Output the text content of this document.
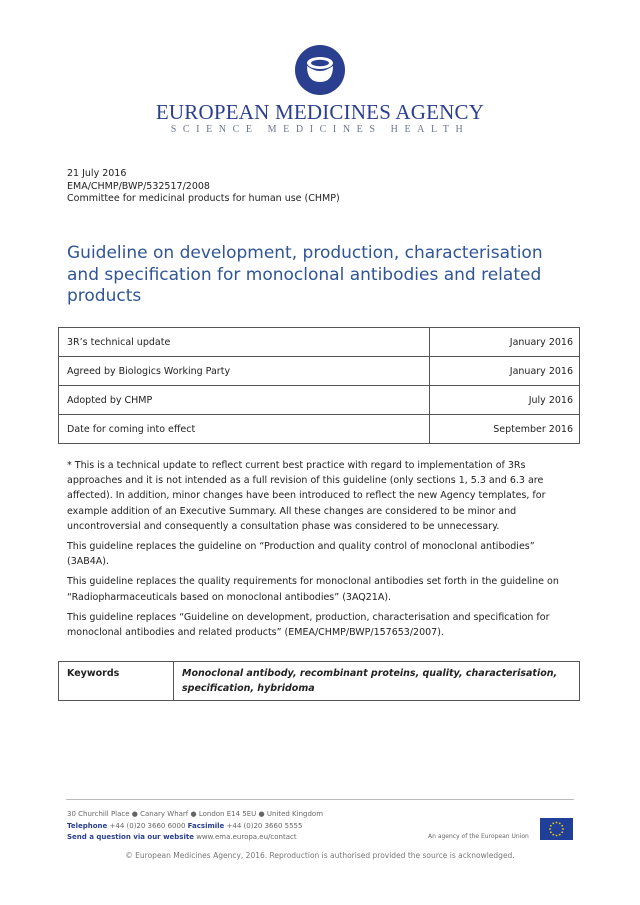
EUROPEAN MEDICINES AGENCY
SCIENCE MEDICINES HEALTH
21 July 2016
EMA/CHMP/BWP/532517/2008
Committee for medicinal products for human use (CHMP)
Guideline on development, production, characterisation and specification for monoclonal antibodies and related products
3R’s technical update	January 2016
Agreed by Biologics Working Party	January 2016
Adopted by CHMP	July 2016
Date for coming into effect	September 2016

* This is a technical update to reflect current best practice with regard to implementation of 3Rs approaches and it is not intended as a full revision of this guideline (only sections 1, 5.3 and 6.3 are affected). In addition, minor changes have been introduced to reflect the new Agency templates, for example addition of an Executive Summary. All these changes are considered to be minor and uncontroversial and consequently a consultation phase was considered to be unnecessary.

This guideline replaces the guideline on “Production and quality control of monoclonal antibodies” (3AB4A).

This guideline replaces the quality requirements for monoclonal antibodies set forth in the guideline on “Radiopharmaceuticals based on monoclonal antibodies” (3AQ21A).

This guideline replaces “Guideline on development, production, characterisation and specification for monoclonal antibodies and related products” (EMEA/CHMP/BWP/157653/2007).

Keywords	Monoclonal antibody, recombinant proteins, quality, characterisation, specification, hybridoma
30 Churchill Place ● Canary Wharf ● London E14 5EU ● United Kingdom
Telephone +44 (0)20 3660 6000 Facsimile +44 (0)20 3660 5555
Send a question via our website www.ema.europa.eu/contact	An agency of the European Union
© European Medicines Agency, 2016. Reproduction is authorised provided the source is acknowledged.
